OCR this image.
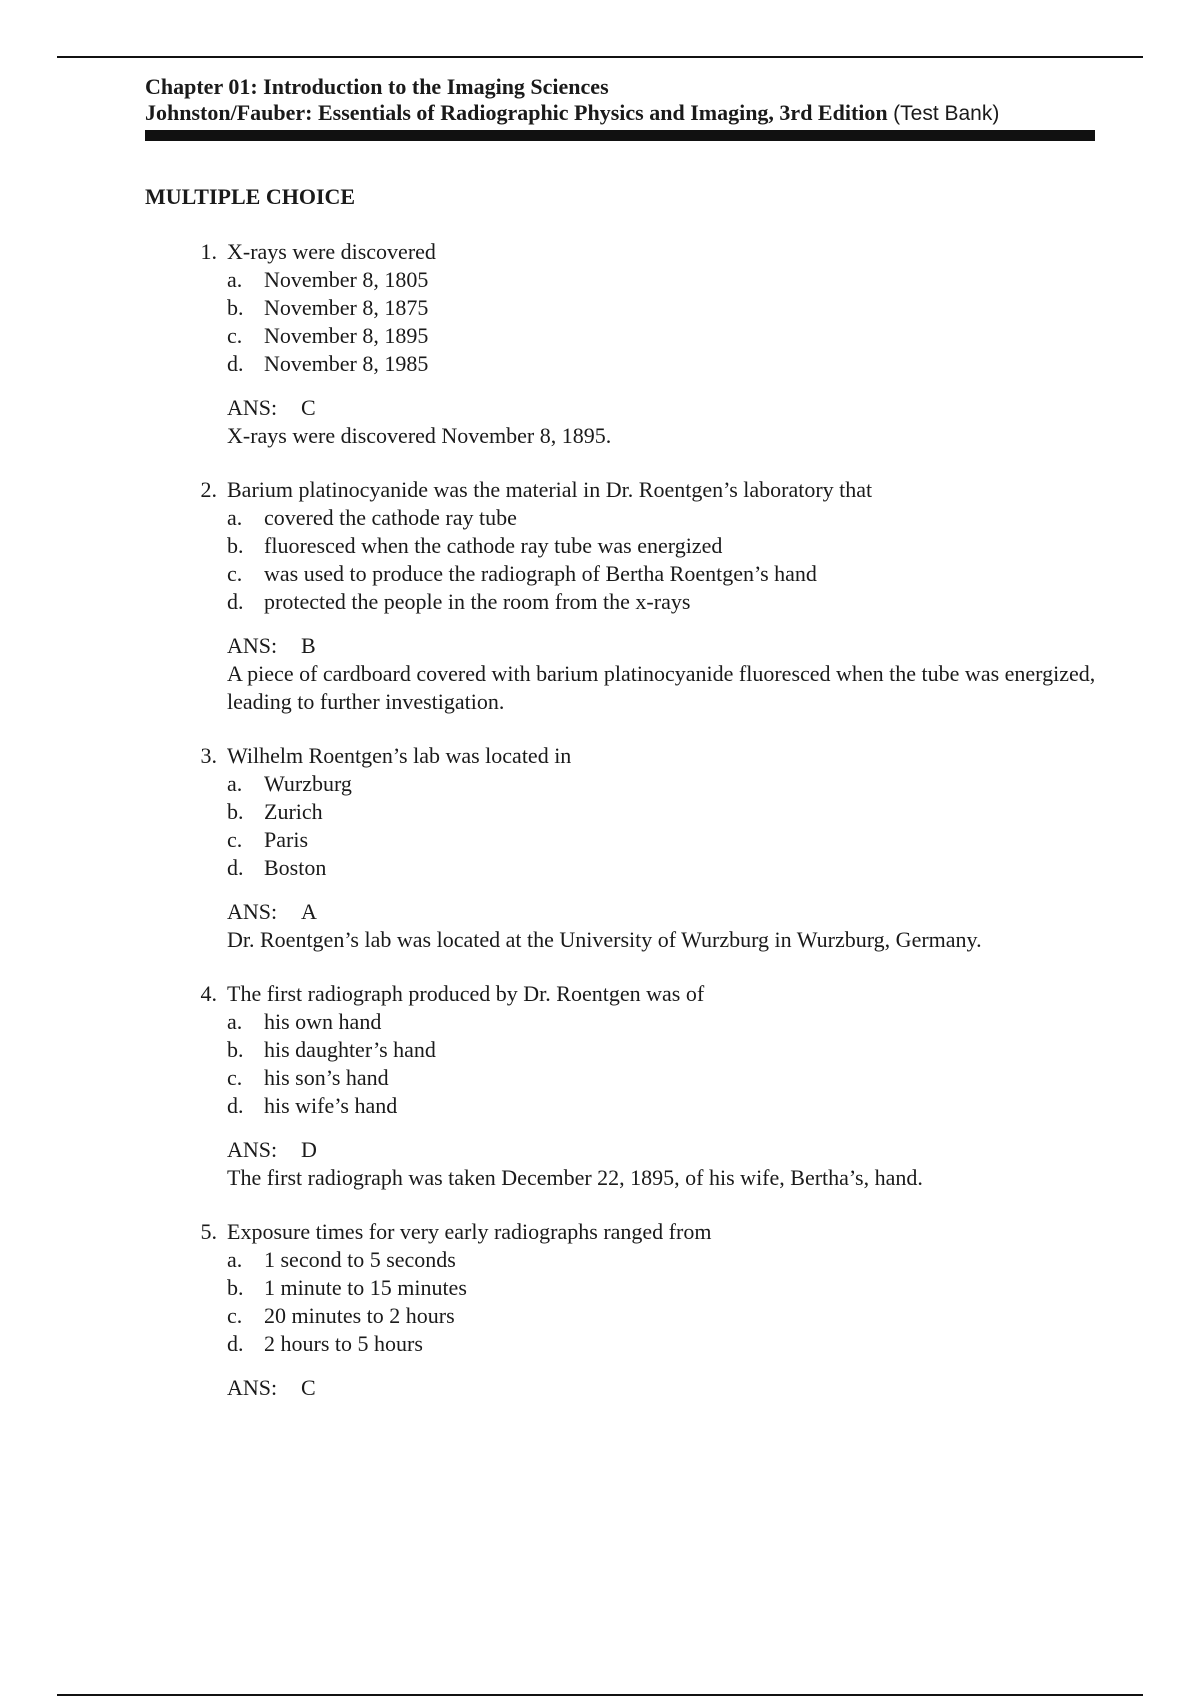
Chapter 01: Introduction to the Imaging Sciences
Johnston/Fauber: Essentials of Radiographic Physics and Imaging, 3rd Edition (Test Bank)
MULTIPLE CHOICE
1. X-rays were discovered
a. November 8, 1805
b. November 8, 1875
c. November 8, 1895
d. November 8, 1985
ANS: C
X-rays were discovered November 8, 1895.
2. Barium platinocyanide was the material in Dr. Roentgen’s laboratory that
a. covered the cathode ray tube
b. fluoresced when the cathode ray tube was energized
c. was used to produce the radiograph of Bertha Roentgen’s hand
d. protected the people in the room from the x-rays
ANS: B
A piece of cardboard covered with barium platinocyanide fluoresced when the tube was energized, leading to further investigation.
3. Wilhelm Roentgen’s lab was located in
a. Wurzburg
b. Zurich
c. Paris
d. Boston
ANS: A
Dr. Roentgen’s lab was located at the University of Wurzburg in Wurzburg, Germany.
4. The first radiograph produced by Dr. Roentgen was of
a. his own hand
b. his daughter’s hand
c. his son’s hand
d. his wife’s hand
ANS: D
The first radiograph was taken December 22, 1895, of his wife, Bertha’s, hand.
5. Exposure times for very early radiographs ranged from
a. 1 second to 5 seconds
b. 1 minute to 15 minutes
c. 20 minutes to 2 hours
d. 2 hours to 5 hours
ANS: C
